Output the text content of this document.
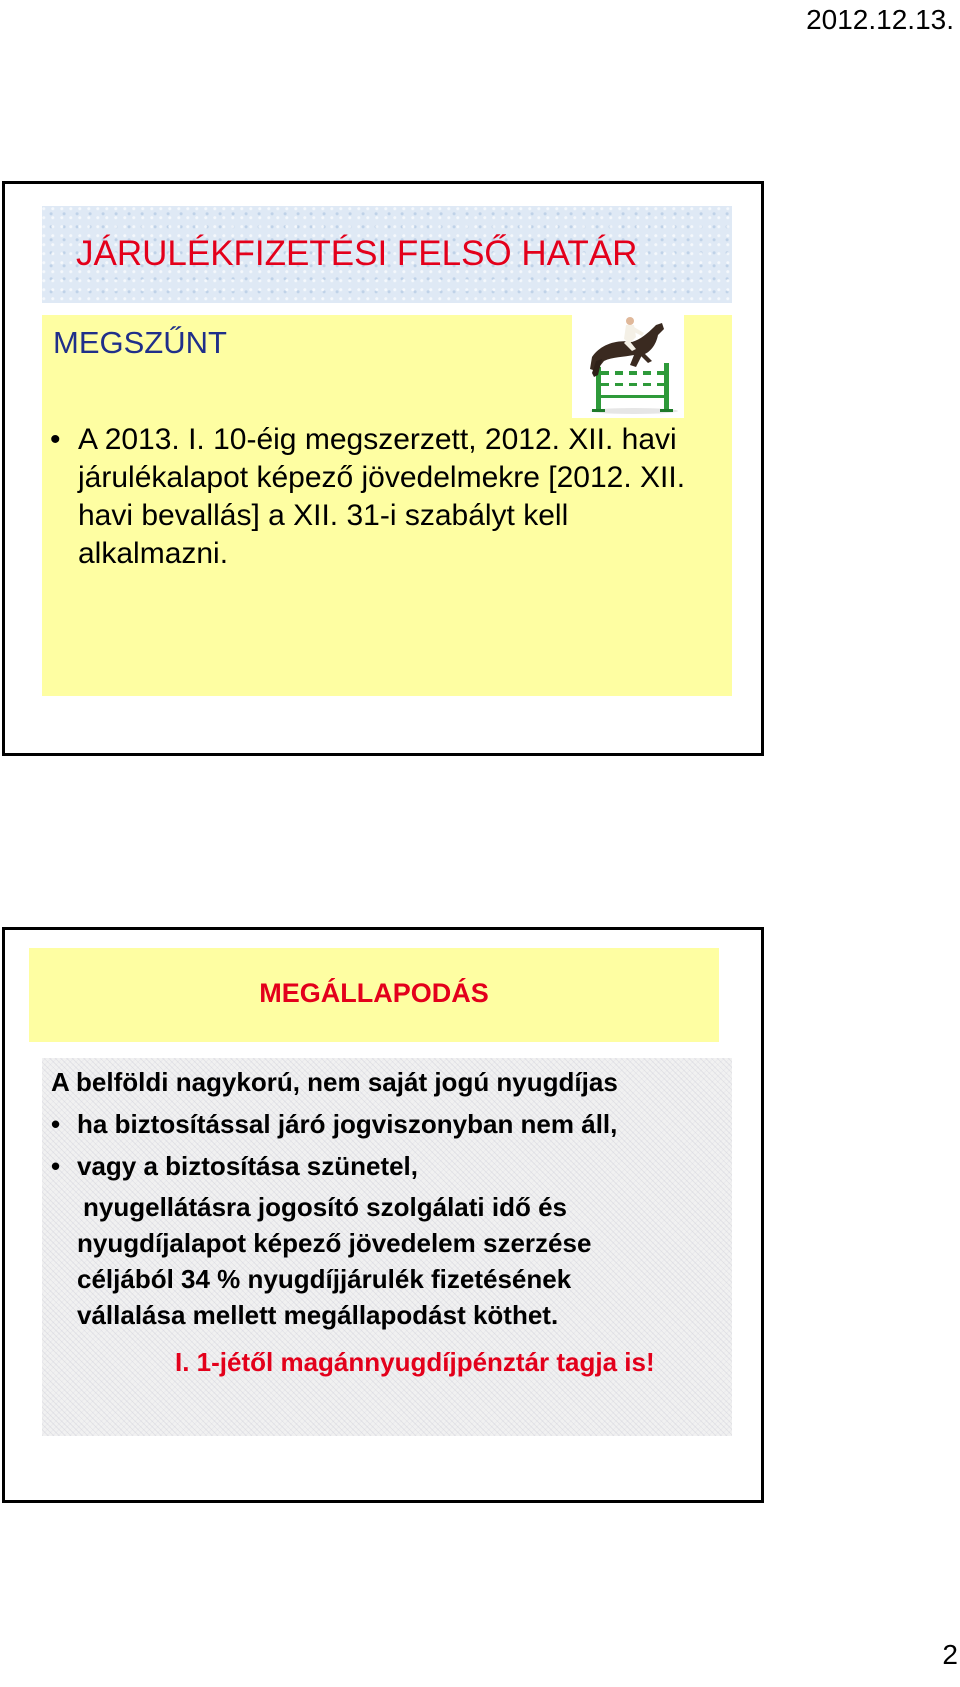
2012.12.13.
JÁRULÉKFIZETÉSI FELSŐ HATÁR
MEGSZŰNT
• A 2013. I. 10-éig megszerzett, 2012. XII. havi járulékalapot képező jövedelmekre [2012. XII. havi bevallás] a XII. 31-i szabályt kell alkalmazni.
MEGÁLLAPODÁS
A belföldi nagykorú, nem saját jogú nyugdíjas
• ha biztosítással járó jogviszonyban nem áll,
• vagy a biztosítása szünetel,
nyugellátásra jogosító szolgálati idő és
nyugdíjalapot képező jövedelem szerzése
céljából 34 % nyugdíjjárulék fizetésének
vállalása mellett megállapodást köthet.
I. 1-jétől magánnyugdíjpénztár tagja is!
2
